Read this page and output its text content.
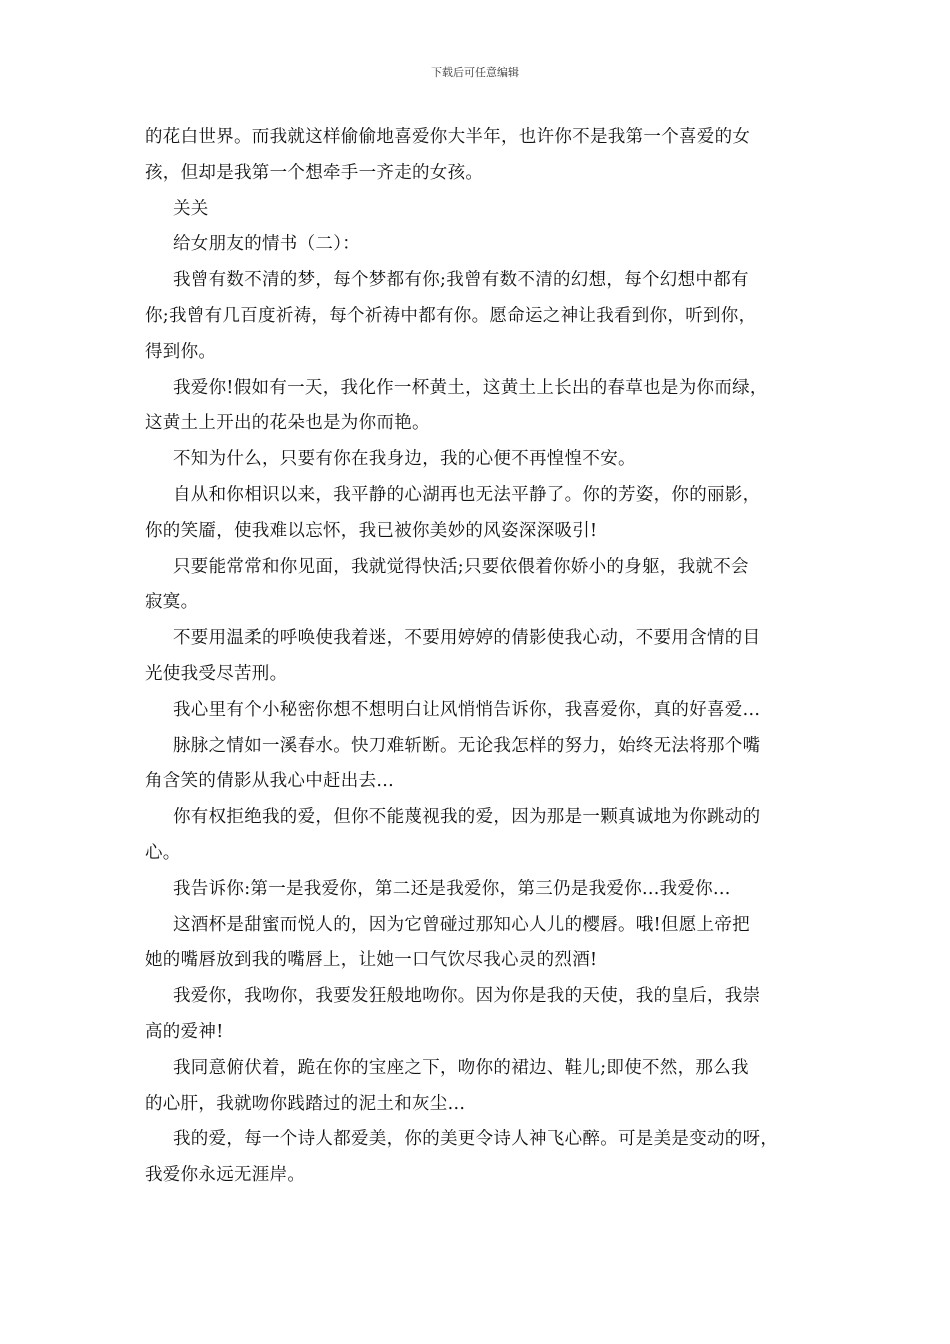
下载后可任意编辑
的花白世界。而我就这样偷偷地喜爱你大半年，也许你不是我第一个喜爱的女
孩，但却是我第一个想牵手一齐走的女孩。
关关
给女朋友的情书（二）：
我曾有数不清的梦，每个梦都有你;我曾有数不清的幻想，每个幻想中都有
你;我曾有几百度祈祷，每个祈祷中都有你。愿命运之神让我看到你，听到你，
得到你。
我爱你!假如有一天，我化作一杯黄土，这黄土上长出的春草也是为你而绿，
这黄土上开出的花朵也是为你而艳。
不知为什么，只要有你在我身边，我的心便不再惶惶不安。
自从和你相识以来，我平静的心湖再也无法平静了。你的芳姿，你的丽影，
你的笑靥，使我难以忘怀，我已被你美妙的风姿深深吸引!
只要能常常和你见面，我就觉得快活;只要依偎着你娇小的身躯，我就不会
寂寞。
不要用温柔的呼唤使我着迷，不要用婷婷的倩影使我心动，不要用含情的目
光使我受尽苦刑。
我心里有个小秘密你想不想明白让风悄悄告诉你，我喜爱你，真的好喜爱...
脉脉之情如一溪春水。快刀难斩断。无论我怎样的努力，始终无法将那个嘴
角含笑的倩影从我心中赶出去...
你有权拒绝我的爱，但你不能蔑视我的爱，因为那是一颗真诚地为你跳动的
心。
我告诉你:第一是我爱你，第二还是我爱你，第三仍是我爱你...我爱你...
这酒杯是甜蜜而悦人的，因为它曾碰过那知心人儿的樱唇。哦!但愿上帝把
她的嘴唇放到我的嘴唇上，让她一口气饮尽我心灵的烈酒!
我爱你，我吻你，我要发狂般地吻你。因为你是我的天使，我的皇后，我崇
高的爱神!
我同意俯伏着，跪在你的宝座之下，吻你的裙边、鞋儿;即使不然，那么我
的心肝，我就吻你践踏过的泥土和灰尘...
我的爱，每一个诗人都爱美，你的美更令诗人神飞心醉。可是美是变动的呀，
我爱你永远无涯岸。
